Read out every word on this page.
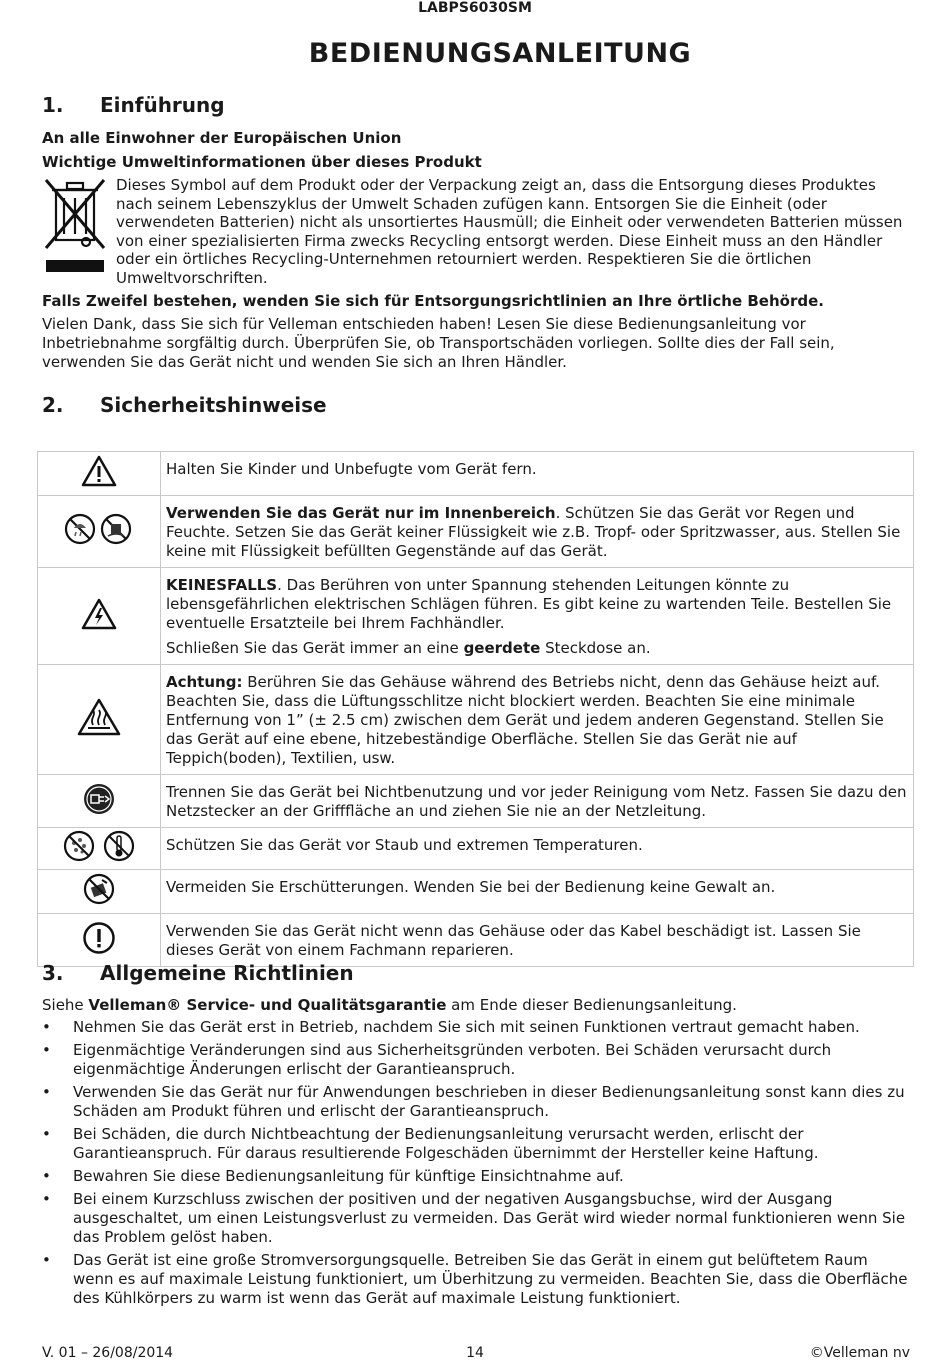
LABPS6030SM
BEDIENUNGSANLEITUNG
1. Einführung
An alle Einwohner der Europäischen Union
Wichtige Umweltinformationen über dieses Produkt
Dieses Symbol auf dem Produkt oder der Verpackung zeigt an, dass die Entsorgung dieses Produktes nach seinem Lebenszyklus der Umwelt Schaden zufügen kann. Entsorgen Sie die Einheit (oder verwendeten Batterien) nicht als unsortiertes Hausmüll; die Einheit oder verwendeten Batterien müssen von einer spezialisierten Firma zwecks Recycling entsorgt werden. Diese Einheit muss an den Händler oder ein örtliches Recycling-Unternehmen retourniert werden. Respektieren Sie die örtlichen Umweltvorschriften.
Falls Zweifel bestehen, wenden Sie sich für Entsorgungsrichtlinien an Ihre örtliche Behörde.
Vielen Dank, dass Sie sich für Velleman entschieden haben! Lesen Sie diese Bedienungsanleitung vor Inbetriebnahme sorgfältig durch. Überprüfen Sie, ob Transportschäden vorliegen. Sollte dies der Fall sein, verwenden Sie das Gerät nicht und wenden Sie sich an Ihren Händler.
2. Sicherheitshinweise

Halten Sie Kinder und Unbefugte vom Gerät fern.

Verwenden Sie das Gerät nur im Innenbereich. Schützen Sie das Gerät vor Regen und Feuchte. Setzen Sie das Gerät keiner Flüssigkeit wie z.B. Tropf- oder Spritzwasser, aus. Stellen Sie keine mit Flüssigkeit befüllten Gegenstände auf das Gerät.

KEINESFALLS. Das Berühren von unter Spannung stehenden Leitungen könnte zu lebensgefährlichen elektrischen Schlägen führen. Es gibt keine zu wartenden Teile. Bestellen Sie eventuelle Ersatzteile bei Ihrem Fachhändler.

Schließen Sie das Gerät immer an eine geerdete Steckdose an.

Achtung: Berühren Sie das Gehäuse während des Betriebs nicht, denn das Gehäuse heizt auf. Beachten Sie, dass die Lüftungsschlitze nicht blockiert werden. Beachten Sie eine minimale Entfernung von 1” (± 2.5 cm) zwischen dem Gerät und jedem anderen Gegenstand. Stellen Sie das Gerät auf eine ebene, hitzebeständige Oberfläche. Stellen Sie das Gerät nie auf Teppich(boden), Textilien, usw.

Trennen Sie das Gerät bei Nichtbenutzung und vor jeder Reinigung vom Netz. Fassen Sie dazu den Netzstecker an der Grifffläche an und ziehen Sie nie an der Netzleitung.

Schützen Sie das Gerät vor Staub und extremen Temperaturen.

Vermeiden Sie Erschütterungen. Wenden Sie bei der Bedienung keine Gewalt an.

Verwenden Sie das Gerät nicht wenn das Gehäuse oder das Kabel beschädigt ist. Lassen Sie dieses Gerät von einem Fachmann reparieren.

3. Allgemeine Richtlinien
Siehe Velleman® Service- und Qualitätsgarantie am Ende dieser Bedienungsanleitung.
• Nehmen Sie das Gerät erst in Betrieb, nachdem Sie sich mit seinen Funktionen vertraut gemacht haben.
• Eigenmächtige Veränderungen sind aus Sicherheitsgründen verboten. Bei Schäden verursacht durch eigenmächtige Änderungen erlischt der Garantieanspruch.
• Verwenden Sie das Gerät nur für Anwendungen beschrieben in dieser Bedienungsanleitung sonst kann dies zu Schäden am Produkt führen und erlischt der Garantieanspruch.
• Bei Schäden, die durch Nichtbeachtung der Bedienungsanleitung verursacht werden, erlischt der Garantieanspruch. Für daraus resultierende Folgeschäden übernimmt der Hersteller keine Haftung.
• Bewahren Sie diese Bedienungsanleitung für künftige Einsichtnahme auf.
• Bei einem Kurzschluss zwischen der positiven und der negativen Ausgangsbuchse, wird der Ausgang ausgeschaltet, um einen Leistungsverlust zu vermeiden. Das Gerät wird wieder normal funktionieren wenn Sie das Problem gelöst haben.
• Das Gerät ist eine große Stromversorgungsquelle. Betreiben Sie das Gerät in einem gut belüftetem Raum wenn es auf maximale Leistung funktioniert, um Überhitzung zu vermeiden. Beachten Sie, dass die Oberfläche des Kühlkörpers zu warm ist wenn das Gerät auf maximale Leistung funktioniert.
V. 01 – 26/08/2014	14	©Velleman nv
